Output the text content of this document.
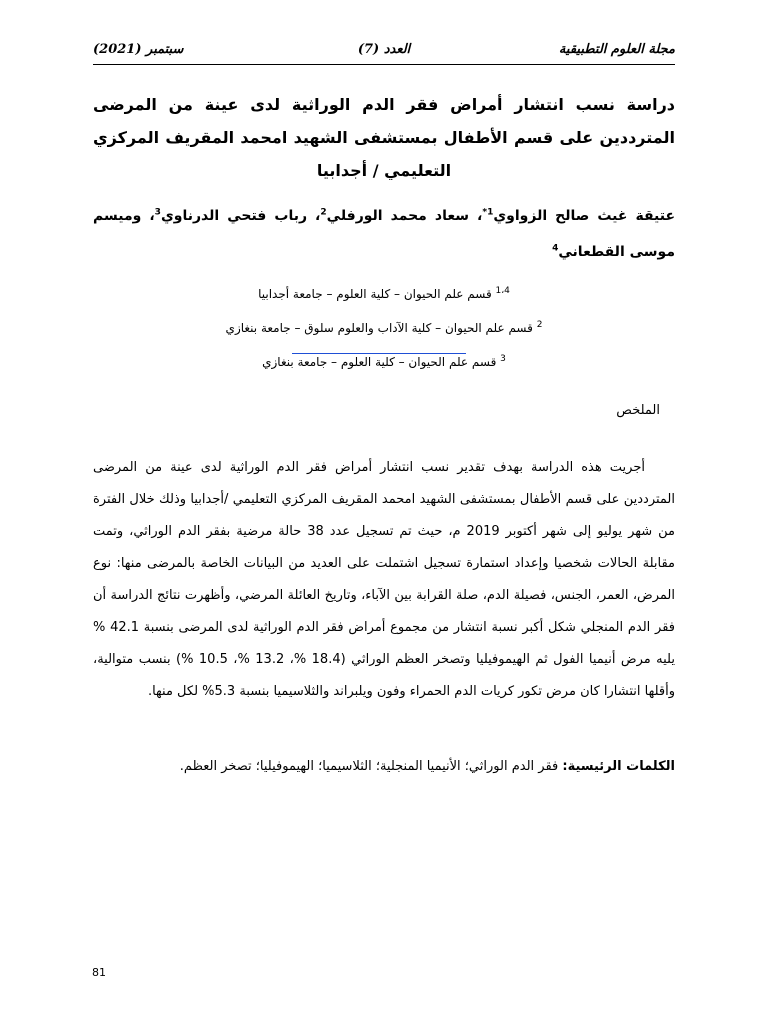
مجلة العلوم التطبيقية
العدد (7)
سبتمبر (2021)
دراسة نسب انتشار أمراض فقر الدم الوراثية لدى عينة من المرضى المترددين على قسم الأطفال بمستشفى الشهيد امحمد المقريف المركزي التعليمي / أجدابيا
عتيقة غيث صالح الزواوي$^{1*}$، سعاد محمد الورفلي$^2$، رباب فتحي الدرناوي$^3$، وميسم موسى القطعاني$^4$
$^{1،4}$ قسم علم الحيوان – كلية العلوم – جامعة أجدابيا
$^2$ قسم علم الحيوان – كلية الآداب والعلوم سلوق – جامعة بنغازي
$^3$ قسم علم الحيوان – كلية العلوم – جامعة بنغازي
الملخص

أجريت هذه الدراسة بهدف تقدير نسب انتشار أمراض فقر الدم الوراثية لدى عينة من المرضى المترددين على قسم الأطفال بمستشفى الشهيد امحمد المقريف المركزي التعليمي /أجدابيا وذلك خلال الفترة من شهر يوليو إلى شهر أكتوبر 2019 م، حيث تم تسجيل عدد 38 حالة مرضية بفقر الدم الوراثي، وتمت مقابلة الحالات شخصيا وإعداد استمارة تسجيل اشتملت على العديد من البيانات الخاصة بالمرضى منها: نوع المرض، العمر، الجنس، فصيلة الدم، صلة القرابة بين الآباء، وتاريخ العائلة المرضي، وأظهرت نتائج الدراسة أن فقر الدم المنجلي شكل أكبر نسبة انتشار من مجموع أمراض فقر الدم الوراثية لدى المرضى بنسبة 42.1 % يليه مرض أنيميا الفول ثم الهيموفيليا وتصخر العظم الوراثي (18.4 %، 13.2 %، 10.5 %) بنسب متوالية، وأقلها انتشارا كان مرض تكور كريات الدم الحمراء وفون ويلبراند والثلاسيميا بنسبة 5.3% لكل منها.

الكلمات الرئيسية: فقر الدم الوراثي؛ الأنيميا المنجلية؛ الثلاسيميا؛ الهيموفيليا؛ تصخر العظم.
81
